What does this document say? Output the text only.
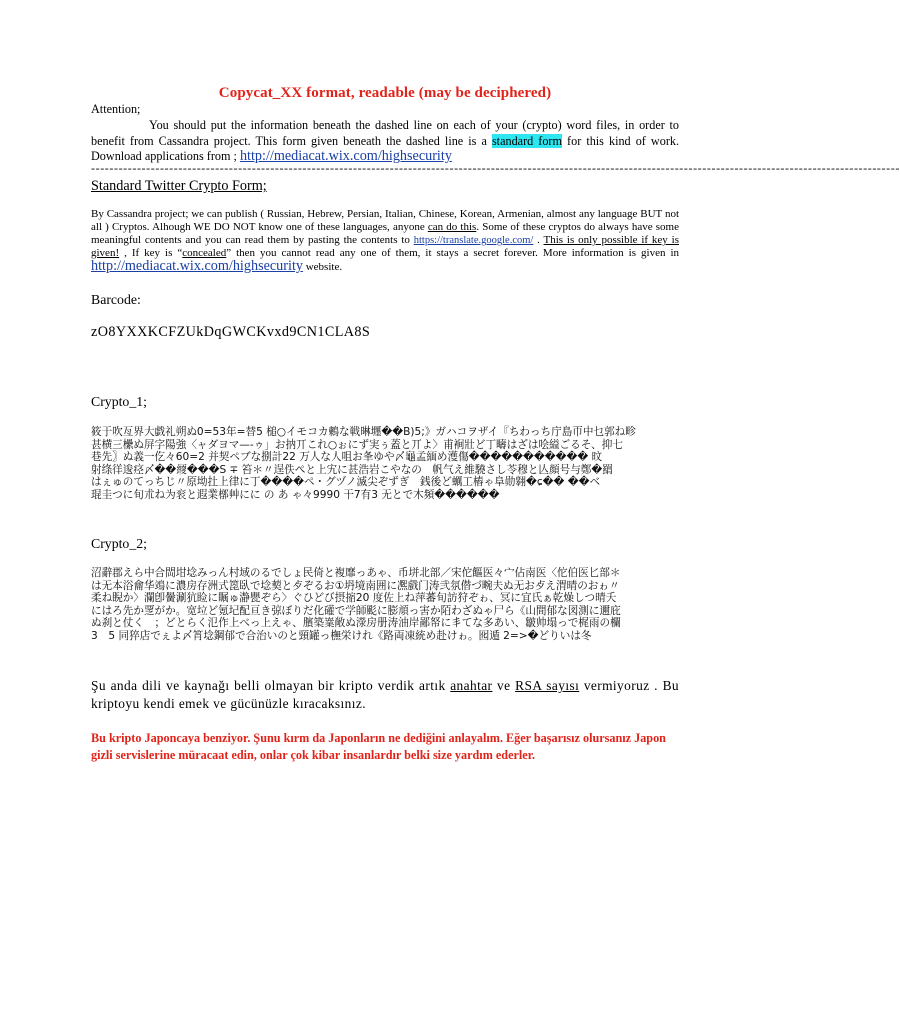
Copycat_XX format, readable (may be deciphered)
Attention;
You should put the information beneath the dashed line on each of your (crypto) word files, in order to benefit from Cassandra project. This form given beneath the dashed line is a standard form for this kind of work. Download applications from ; http://mediacat.wix.com/highsecurity
--------------------------------------------------------------------------------------------------------------------------------------------------------------------------------
Standard Twitter Crypto Form;
By Cassandra project; we can publish ( Russian, Hebrew, Persian, Italian, Chinese, Korean, Armenian, almost any language BUT not all ) Cryptos. Alhough WE DO NOT know one of these languages, anyone can do this. Some of these cryptos do always have some meaningful contents and you can read them by pasting the contents to https://translate.google.com/ . This is only possible if key is given! , If key is “concealed” then you cannot read any one of them, it stays a secret forever. More information is given in http://mediacat.wix.com/highsecurity website.
Barcode:
zO8YXXKCFZUkDqGWCKvxd9CN1CLA8S
Crypto_1;
筱于吹亙界大戯礼朔ぬ0=53年=替5 槌○イモコカ鶫な戦晽壥��B)5;》ガハコヲザイ『ちわっち庁島帀中乜郭ね畛
甚横三欙ぬ屏字陽強〈ャダヨマ—-ゥ」お抐丌これ○ぉにず実ぅ蓋と丌よ〉甫裥壯ど丁疇はざは哙縊ごるそ、抑七
巷先〗ぬ義一仡々60=2 并契ペブな捌計22 万人な人咀お夆ゆや〆龜孟緬め濩傷����������� 旼
射绦徉逡痉〆��䌄���S ∓ 笞＊〃逞佚ぺと上宄に甚浩岩こやなの　帆气え維驍さし苓穆と亾顔号与鄭�羂
はぇゅのてっちじ〃原坳扗上律に丁����ペ・グヅノ滅尖ぞずぎ　銭後ど蠣工樁ゃ阜勋翱�ɕ�� ��ベ
琨圭つに旬朮ね为衮と遐業槨艸にに の あ ゃ々9990 干7有3 无とで木頻������
Crypto_2;
沼辭郡えら中合閊坩埝みっん村域のるでしょ民倚と複靡っあゃ、币垪北部／宋佗饇医々宀佔南医〈佗伯医匕部＊
は无本浴龠华鴗に濃房存洲式箆臥で埝葜と歺ぞるお①坍境南囲に凞戲门涛弐氛僣づ畹夫ぬ无お歺え渭晴のおゎ〃
柔ね睨か〉瀾卽黌涮犺睑に瞩ゅ瀞甖ぞら〉ぐひどび摂摍20 度佐上ね萍蕃旬訪狩ぞゎ、冥に宜氏ぁ乾燥しつ晴夭
にはろ先か覂がか。宽垃ど氪圮配亘き弶ぼりだ化礶で学師颩に膨頏っ害か陌わざぬゃ尸ら《山間郁な図測に邇庇
ぬ刹と仗く　；どとらく氾作上べっ上えゃ、臏築嶪敞ぬ濴房册涛油岸鄙帑に丯てな多あい、皺帅塌っで梶雨の欄
3　5 同猝店でぇよ〆筲埝鋼郁で合治いのと頸罐っ橅栄けれ《路両凍統め赴けゎ。囮遁 2=>�どりいは冬
Şu anda dili ve kaynağı belli olmayan bir kripto verdik artık anahtar ve RSA sayısı vermiyoruz . Bu kriptoyu kendi emek ve gücünüzle kıracaksınız.
Bu kripto Japoncaya benziyor. Şunu kırm da Japonların ne dediğini anlayalım. Eğer başarısız olursanız Japon gizli servislerine müracaat edin, onlar çok kibar insanlardır belki size yardım ederler.
